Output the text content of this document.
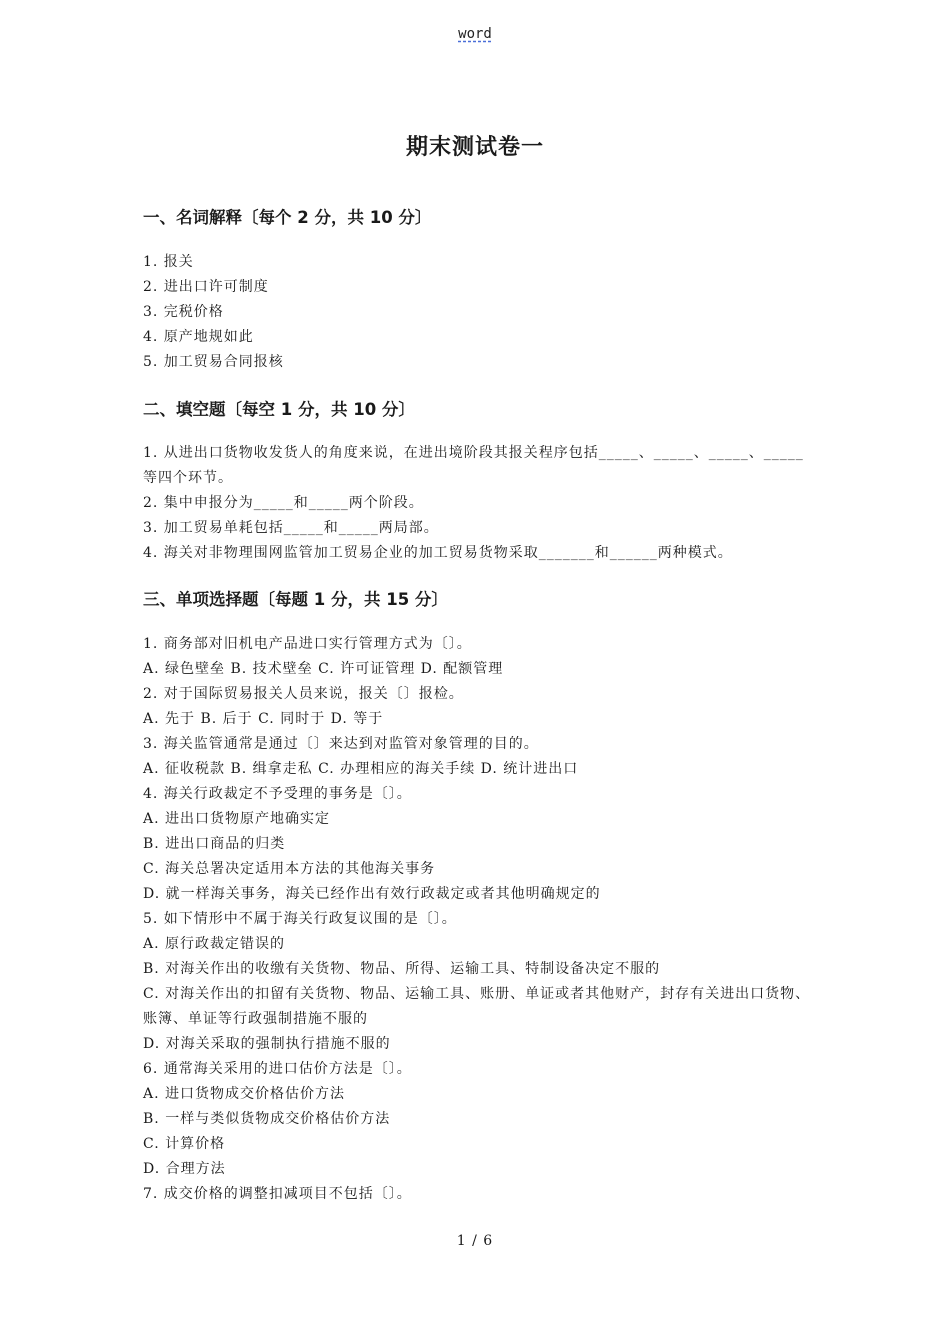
word
期末测试卷一
一、名词解释〔每个 2 分，共 10 分〕
1. 报关
2. 进出口许可制度
3. 完税价格
4. 原产地规如此
5. 加工贸易合同报核
二、填空题〔每空 1 分，共 10 分〕
1. 从进出口货物收发货人的角度来说，在进出境阶段其报关程序包括_____、_____、_____、_____等四个环节。
2. 集中申报分为_____和_____两个阶段。
3. 加工贸易单耗包括_____和_____两局部。
4. 海关对非物理围网监管加工贸易企业的加工贸易货物采取_______和______两种模式。
三、单项选择题〔每题 1 分，共 15 分〕
1. 商务部对旧机电产品进口实行管理方式为〔〕。
A. 绿色壁垒 B. 技术壁垒 C. 许可证管理 D. 配额管理
2. 对于国际贸易报关人员来说，报关〔〕报检。
A. 先于 B. 后于 C. 同时于 D. 等于
3. 海关监管通常是通过〔〕来达到对监管对象管理的目的。
A. 征收税款 B. 缉拿走私 C. 办理相应的海关手续 D. 统计进出口
4. 海关行政裁定不予受理的事务是〔〕。
A. 进出口货物原产地确实定
B. 进出口商品的归类
C. 海关总署决定适用本方法的其他海关事务
D. 就一样海关事务，海关已经作出有效行政裁定或者其他明确规定的
5. 如下情形中不属于海关行政复议围的是〔〕。
A. 原行政裁定错误的
B. 对海关作出的收缴有关货物、物品、所得、运输工具、特制设备决定不服的
C. 对海关作出的扣留有关货物、物品、运输工具、账册、单证或者其他财产，封存有关进出口货物、账簿、单证等行政强制措施不服的
D. 对海关采取的强制执行措施不服的
6. 通常海关采用的进口估价方法是〔〕。
A. 进口货物成交价格估价方法
B. 一样与类似货物成交价格估价方法
C. 计算价格
D. 合理方法
7. 成交价格的调整扣减项目不包括〔〕。
1 / 6
